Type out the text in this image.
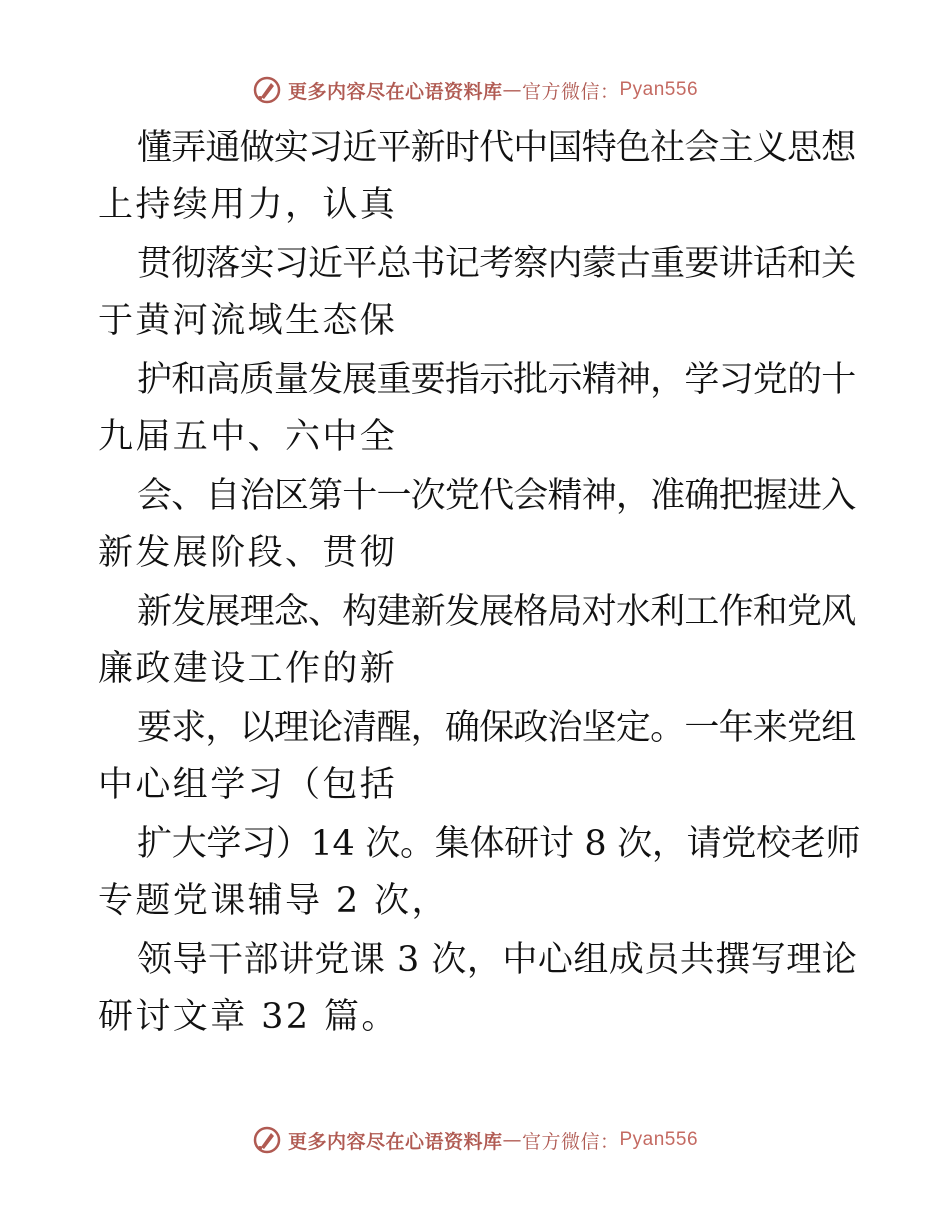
更多内容尽在心语资料库 — 官方微信： Pyan556
懂弄通做实习近平新时代中国特色社会主义思想
上持续用力，认真
贯彻落实习近平总书记考察内蒙古重要讲话和关
于黄河流域生态保
护和高质量发展重要指示批示精神，学习党的十
九届五中、六中全
会、自治区第十一次党代会精神，准确把握进入
新发展阶段、贯彻
新发展理念、构建新发展格局对水利工作和党风
廉政建设工作的新
要求，以理论清醒，确保政治坚定。一年来党组
中心组学习（包括
扩大学习）14 次。集体研讨 8 次，请党校老师
专题党课辅导 2 次，
领导干部讲党课 3 次，中心组成员共撰写理论
研讨文章 32 篇。
更多内容尽在心语资料库 — 官方微信： Pyan556
